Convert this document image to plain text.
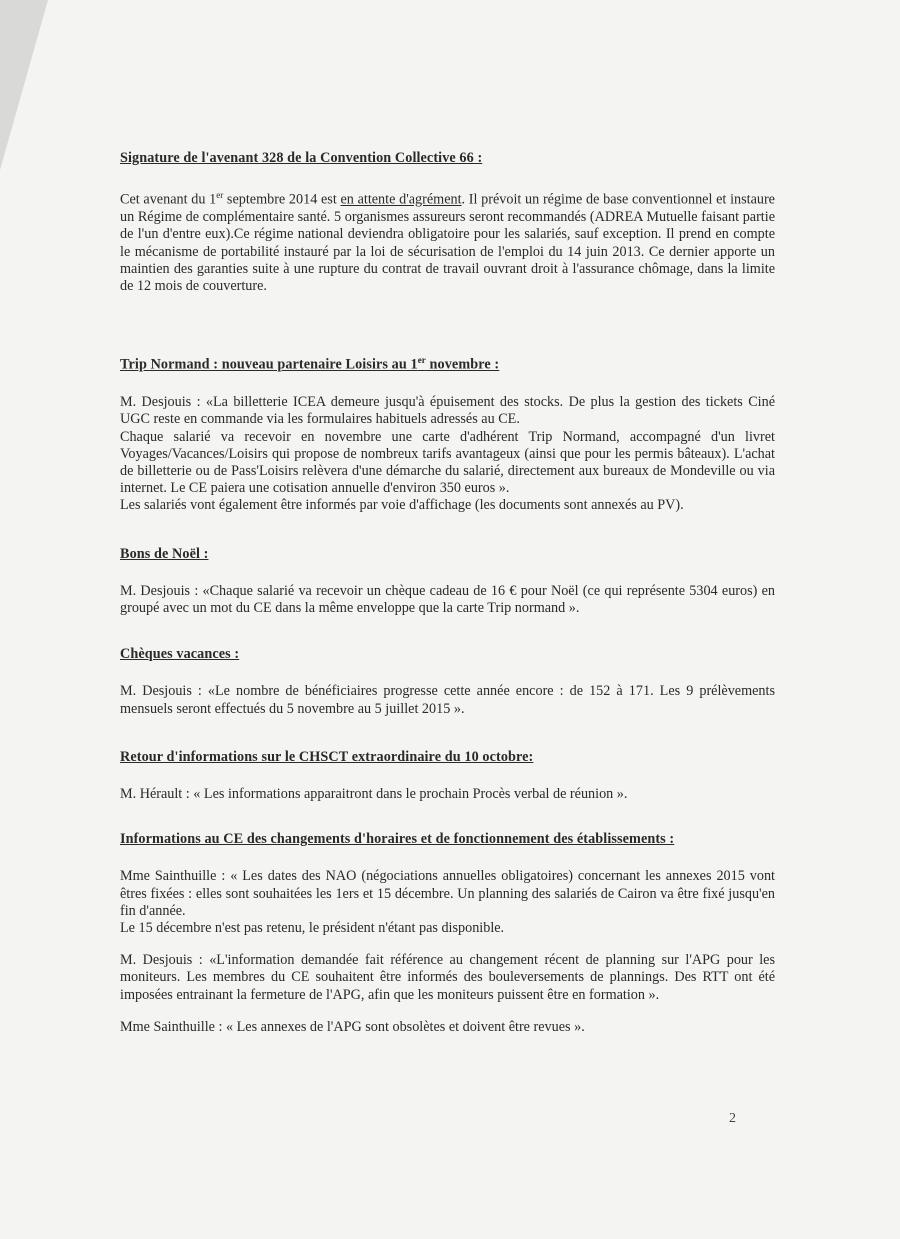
Signature de l'avenant 328 de la Convention Collective 66 :

Cet avenant du 1er septembre 2014 est en attente d'agrément. Il prévoit un régime de base conventionnel et instaure un Régime de complémentaire santé. 5 organismes assureurs seront recommandés (ADREA Mutuelle faisant partie de l'un d'entre eux).Ce régime national deviendra obligatoire pour les salariés, sauf exception. Il prend en compte le mécanisme de portabilité instauré par la loi de sécurisation de l'emploi du 14 juin 2013. Ce dernier apporte un maintien des garanties suite à une rupture du contrat de travail ouvrant droit à l'assurance chômage, dans la limite de 12 mois de couverture.

Trip Normand : nouveau partenaire Loisirs au 1er novembre :

M. Desjouis : «La billetterie ICEA demeure jusqu'à épuisement des stocks. De plus la gestion des tickets Ciné UGC reste en commande via les formulaires habituels adressés au CE.

Chaque salarié va recevoir en novembre une carte d'adhérent Trip Normand, accompagné d'un livret Voyages/Vacances/Loisirs qui propose de nombreux tarifs avantageux (ainsi que pour les permis bâteaux). L'achat de billetterie ou de Pass'Loisirs relèvera d'une démarche du salarié, directement aux bureaux de Mondeville ou via internet. Le CE paiera une cotisation annuelle d'environ 350 euros ».

Les salariés vont également être informés par voie d'affichage (les documents sont annexés au PV).

Bons de Noël :

M. Desjouis : «Chaque salarié va recevoir un chèque cadeau de 16 € pour Noël (ce qui représente 5304 euros) en groupé avec un mot du CE dans la même enveloppe que la carte Trip normand ».

Chèques vacances :

M. Desjouis : «Le nombre de bénéficiaires progresse cette année encore : de 152 à 171. Les 9 prélèvements mensuels seront effectués du 5 novembre au 5 juillet 2015 ».

Retour d'informations sur le CHSCT extraordinaire du 10 octobre:

M. Hérault : « Les informations apparaitront dans le prochain Procès verbal de réunion ».

Informations au CE des changements d'horaires et de fonctionnement des établissements :

Mme Sainthuille : « Les dates des NAO (négociations annuelles obligatoires) concernant les annexes 2015 vont êtres fixées : elles sont souhaitées les 1ers et 15 décembre. Un planning des salariés de Cairon va être fixé jusqu'en fin d'année.

Le 15 décembre n'est pas retenu, le président n'étant pas disponible.

M. Desjouis : «L'information demandée fait référence au changement récent de planning sur l'APG pour les moniteurs. Les membres du CE souhaitent être informés des bouleversements de plannings. Des RTT ont été imposées entrainant la fermeture de l'APG, afin que les moniteurs puissent être en formation ».

Mme Sainthuille : « Les annexes de l'APG sont obsolètes et doivent être revues ».

2
